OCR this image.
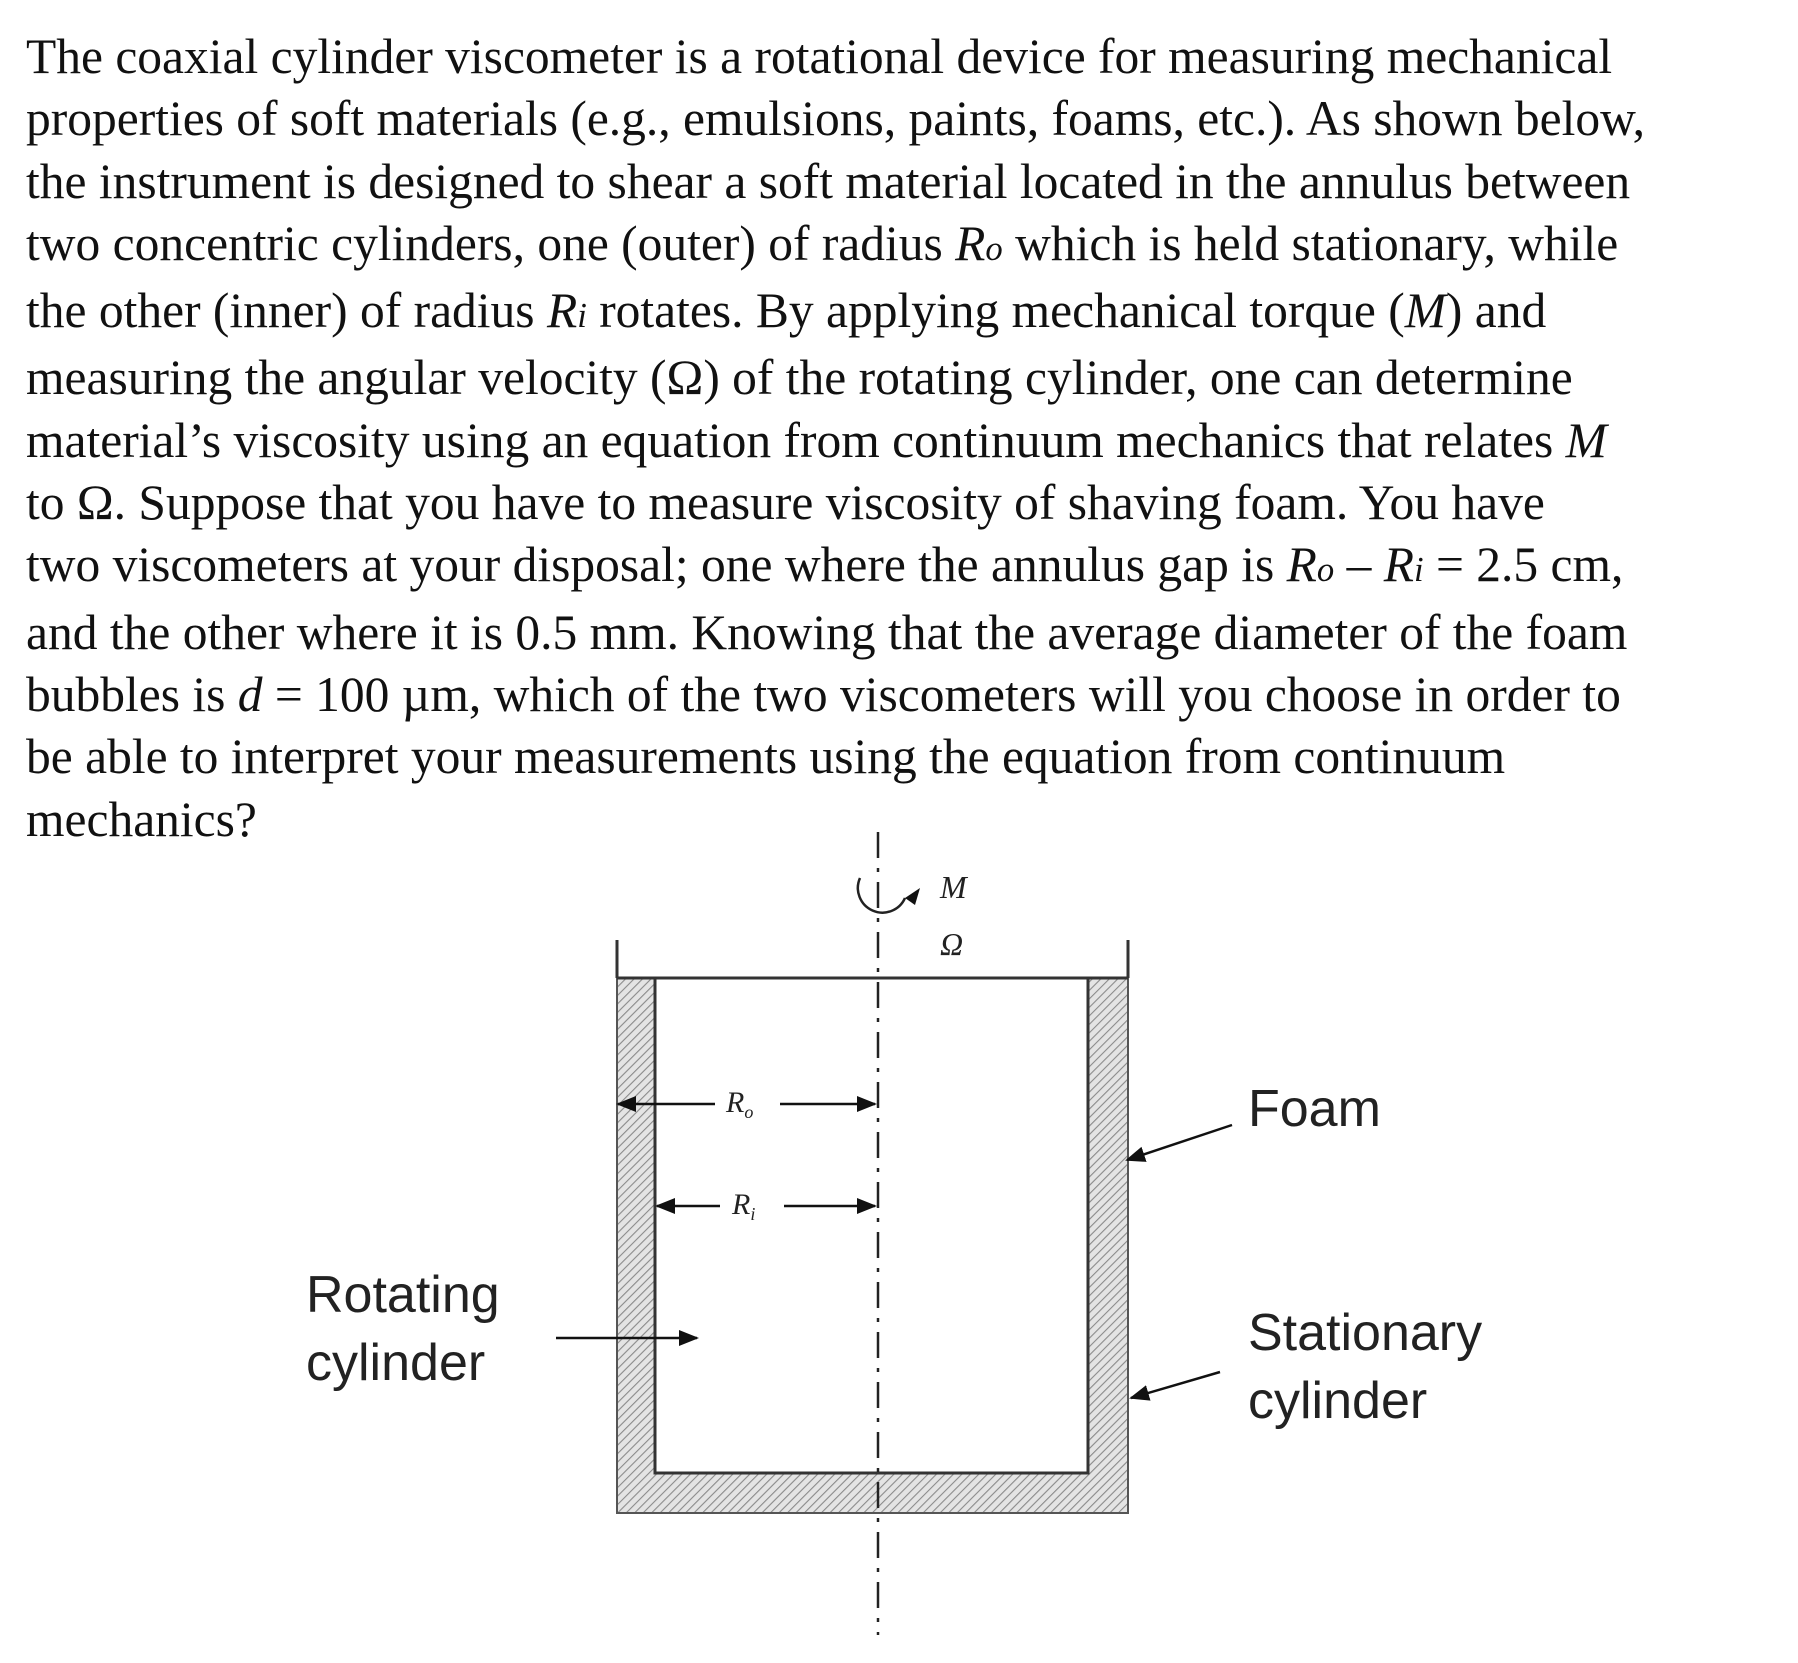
The coaxial cylinder viscometer is a rotational device for measuring mechanical
properties of soft materials (e.g., emulsions, paints, foams, etc.). As shown below,
the instrument is designed to shear a soft material located in the annulus between
two concentric cylinders, one (outer) of radius Ro which is held stationary, while
the other (inner) of radius Ri rotates. By applying mechanical torque (M) and
measuring the angular velocity (Ω) of the rotating cylinder, one can determine
material’s viscosity using an equation from continuum mechanics that relates M
to Ω. Suppose that you have to measure viscosity of shaving foam. You have
two viscometers at your disposal; one where the annulus gap is Ro – Ri = 2.5 cm,
and the other where it is 0.5 mm. Knowing that the average diameter of the foam
bubbles is d = 100 µm, which of the two viscometers will you choose in order to
be able to interpret your measurements using the equation from continuum
mechanics?
M
Ω
$R_o$
$R_i$
Foam
Rotating
cylinder
Stationary
cylinder
